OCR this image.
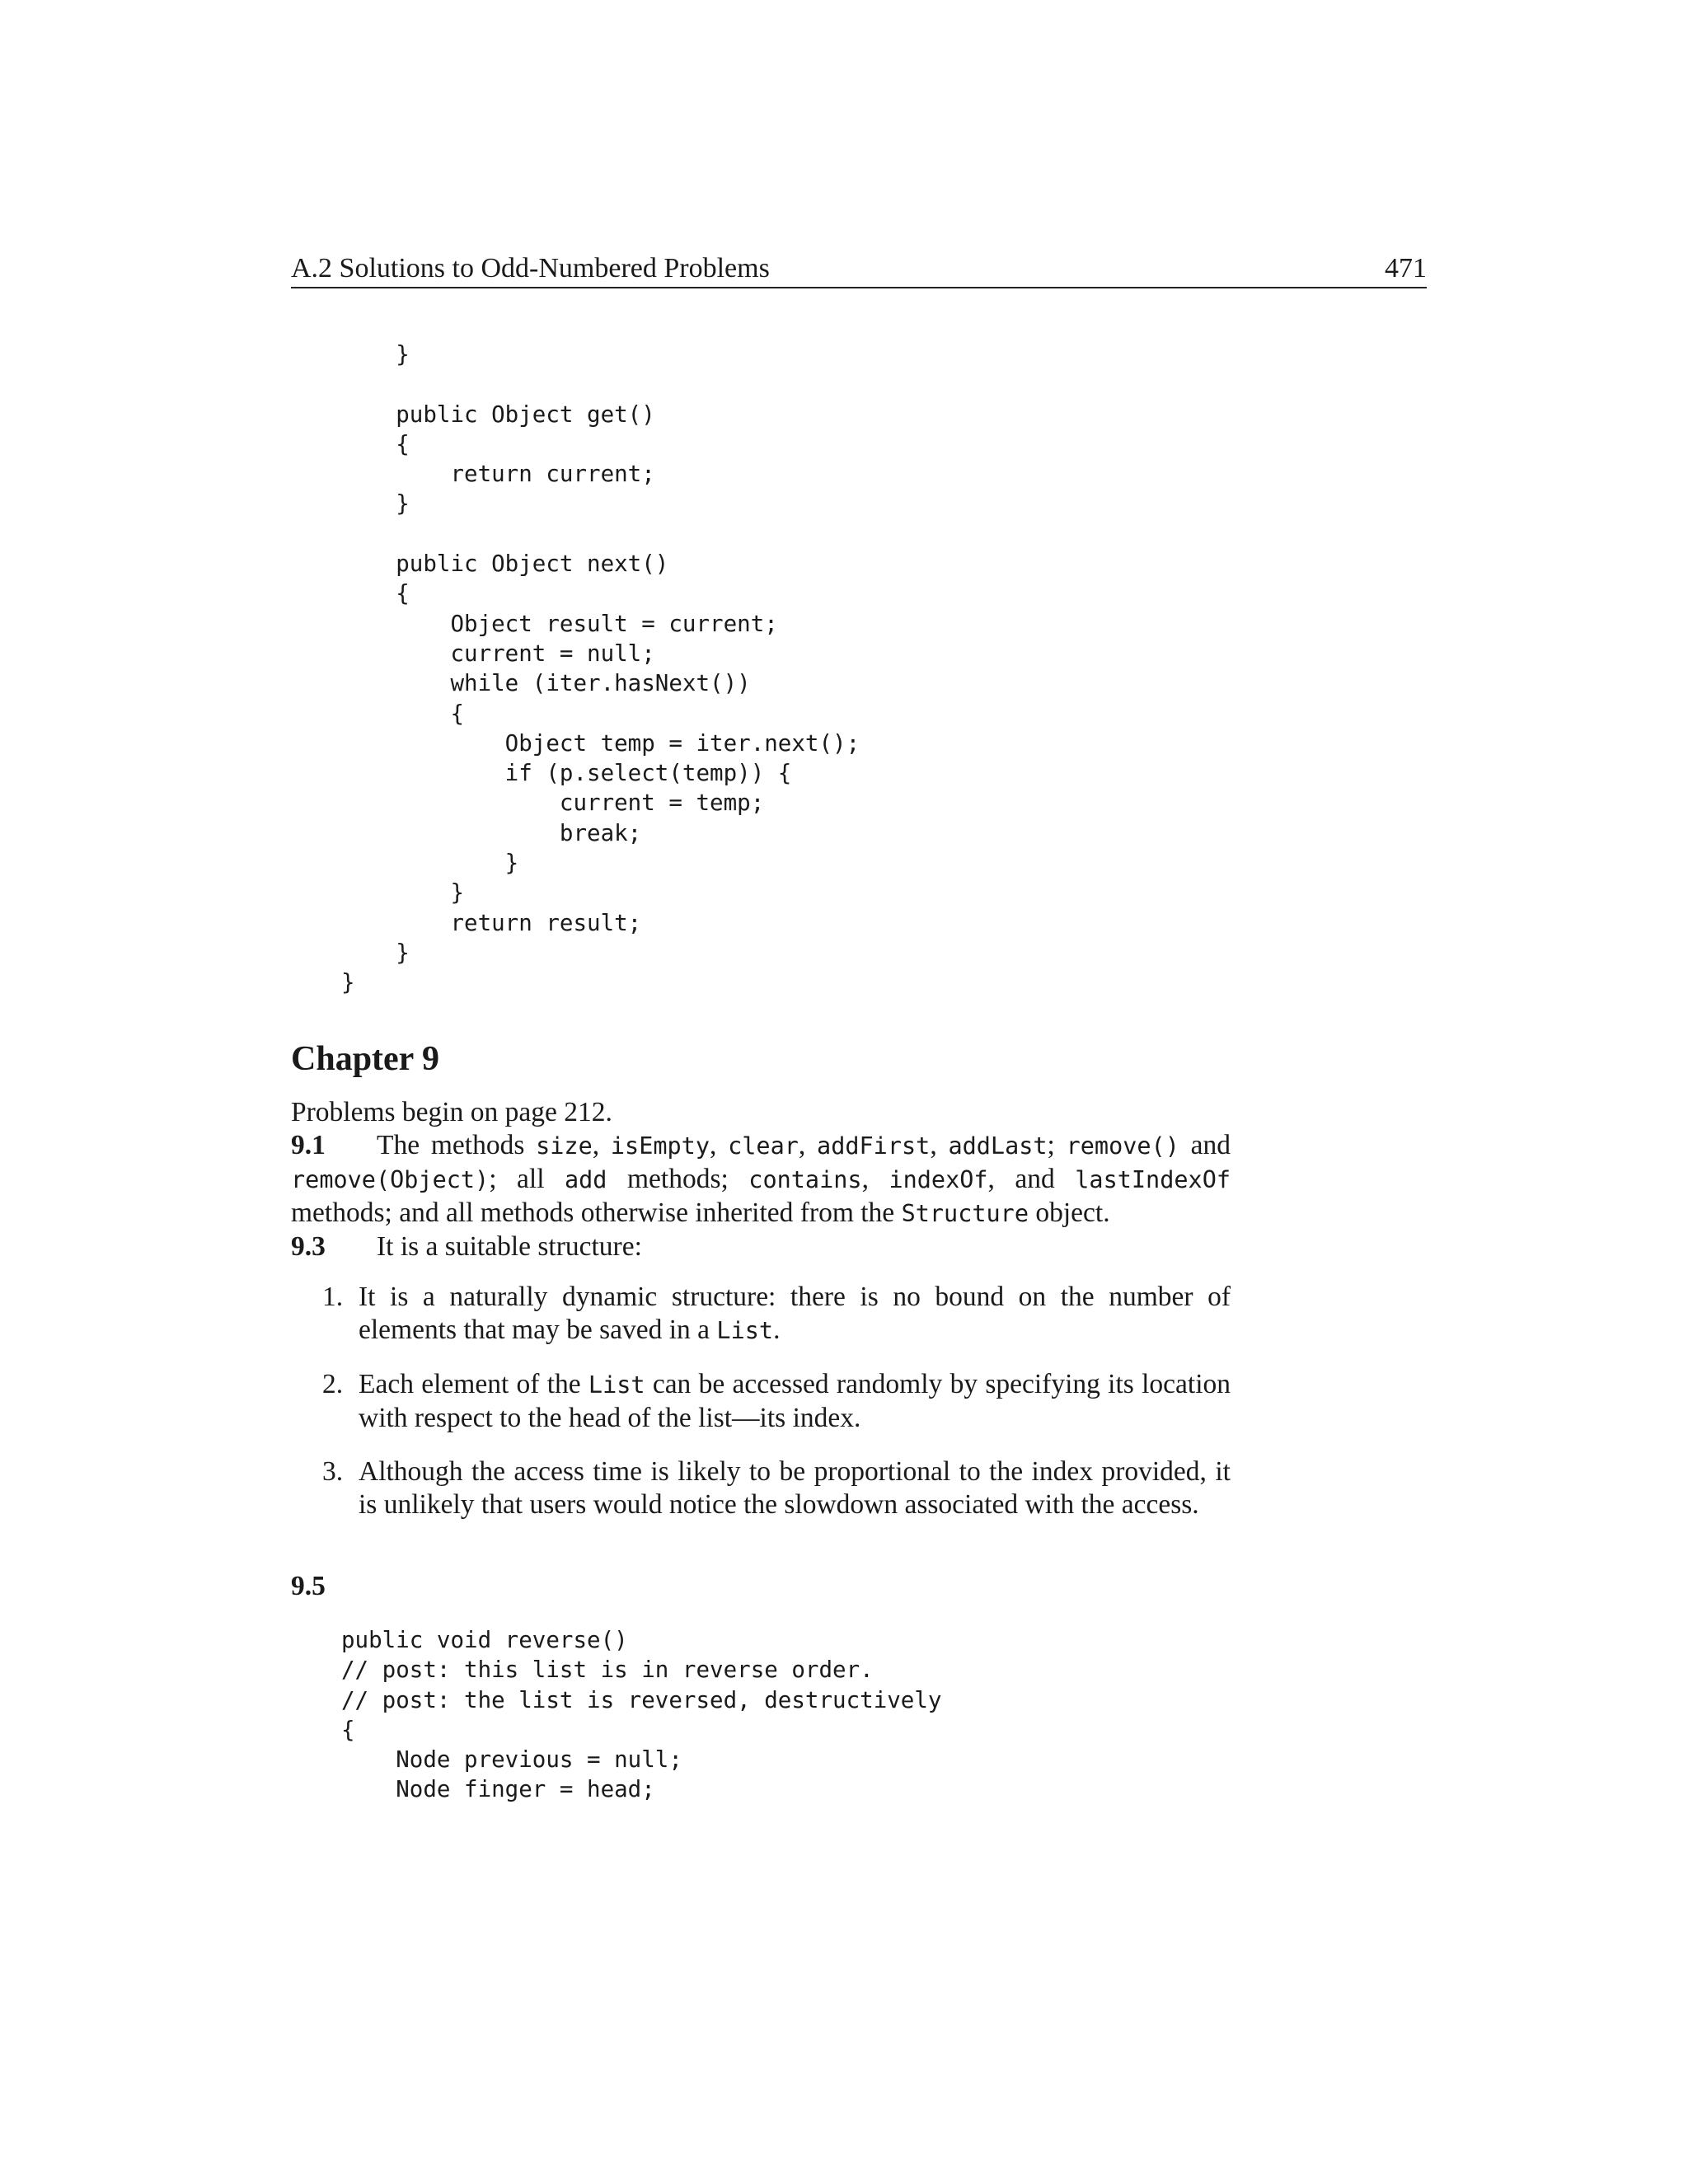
A.2 Solutions to Odd-Numbered Problems	471
}
public Object get()
{
return current;
}
public Object next()
{
Object result = current;
current = null;
while (iter.hasNext())
{
Object temp = iter.next();
if (p.select(temp)) {
current = temp;
break;
}
}
return result;
}
}
Chapter 9

Problems begin on page 212.

9.1 The methods size, isEmpty, clear, addFirst, addLast; remove() and remove(Object); all add methods; contains, indexOf, and lastIndexOf methods; and all methods otherwise inherited from the Structure object.

9.3 It is a suitable structure:

1. It is a naturally dynamic structure: there is no bound on the number of elements that may be saved in a List.
2. Each element of the List can be accessed randomly by specifying its location with respect to the head of the list—its index.
3. Although the access time is likely to be proportional to the index provided, it is unlikely that users would notice the slowdown associated with the access.
9.5
public void reverse()
// post: this list is in reverse order.
// post: the list is reversed, destructively
{
Node previous = null;
Node finger = head;
